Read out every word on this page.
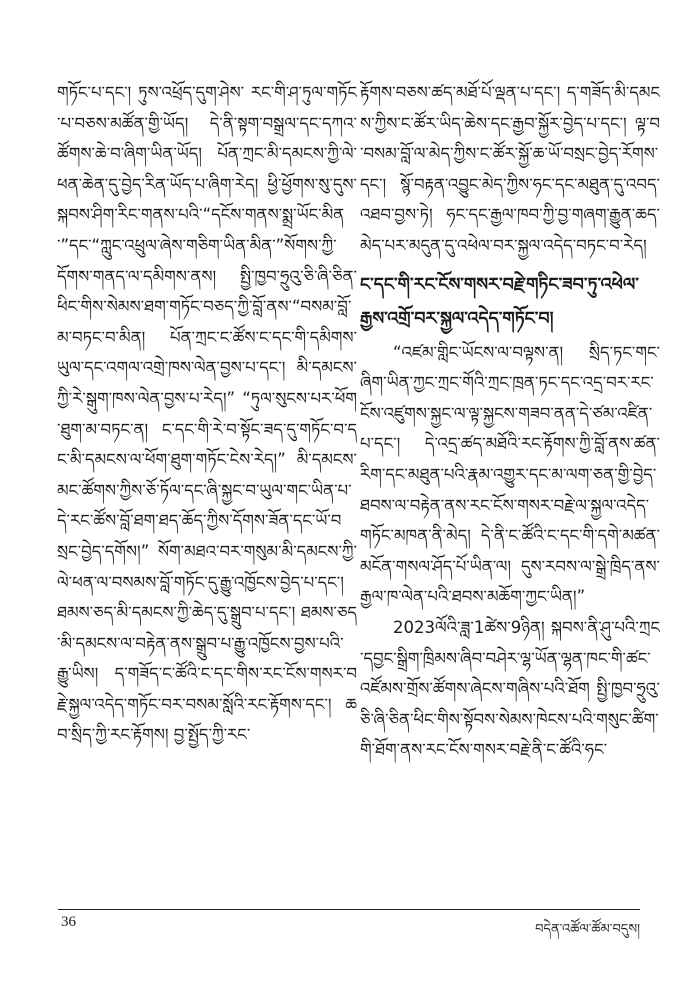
གཏོང་པ་དང་། ཏུས་འཕྲོད་དུག་ཤེས་ རང་གི་ཤ་ཏུལ་གཏོང་པ་བཅས་མཚོན་གྱི་ཡོད། དེ་ནི་སྟག་བསྒྲལ་དང་དཀའ་ཚོགས་ཆེ་བ་ཞིག་ཡིན་ཡོད། པོན་ཀྲང་མི་དམངས་ཀྱི་ལེ་ཕན་ཆེན་དུ་བྱེད་རིན་ཡོད་པ་ཞིག་རེད། ཕྱི་ཕྱོགས་སུ་དུས་སྐབས་ཤིག་རིང་གནས་པའི་“དངོས་གནས་སྨྲ་ཡོང་མིན་”དང་“ཀླུང་འཕྲུལ་ཞེས་གཅིག་ཡིན་མིན་”སོགས་ཀྱི་དོགས་གནད་ལ་དམིགས་ནས། སྤྱི་ཁྱབ་ཧྲུའུ་ཅི་ཞི་ཅིན་ཕིང་གིས་སེམས་ཐག་གཏོང་བཅད་ཀྱི་བློ་ནས་“བསམ་བློ་མ་བཏང་བ་མིན། པོན་ཀྲང་ང་ཚོས་ང་དང་གི་དམིགས་ཡུལ་དང་འགལ་འགྲེ་ཁས་ལེན་བྱས་པ་དང་། མི་དམངས་ཀྱི་རེ་སྒུག་ཁས་ལེན་བྱས་པ་རེད།” “ཏུལ་སུངས་པར་ཕོག་ཐུག་མ་བཏང་ན། ང་དང་གི་རེ་བ་སྟོང་ཟད་དུ་གཏོང་བ་དང་མི་དམངས་ལ་ཕོག་ཐུག་གཏོང་ངེས་རེད།” མི་དམངས་མང་ཚོགས་ཀྱིས་ཅོ་ཏོལ་དང་ཞི་སྐྱང་བ་ཡུལ་གང་ཡིན་པ་དེ་རང་ཚོས་བློ་ཐག་ཐད་ཆོད་ཀྱིས་དོགས་ཟོན་དང་ཡོ་བསྲང་བྱེད་དགོས།” སོག་མཐའ་བར་གསུམ་མི་དམངས་ཀྱི་ལེ་ཕན་ལ་བསམས་བློ་གཏོང་དུ་རྒྱུ་འཁྱོངས་བྱེད་པ་དང་། ཐམས་ཅད་མི་དམངས་ཀྱི་ཆེད་དུ་སྒྲུབ་པ་དང་། ཐམས་ཅད་མི་དམངས་ལ་བརྟེན་ནས་སྒྲུབ་པ་རྒྱུ་འཁྱོངས་བྱས་པའི་རྒྱུ་ཡིས། ད་གཟོད་ང་ཚོའི་ང་དང་གིས་རང་ངོས་གསར་བརྗེ་སྐྱལ་འདེད་གཏོང་བར་བསམ་སློའི་རང་རྟོགས་དང་། ཆབ་སྲིད་ཀྱི་རང་རྟོགས། བྱ་སྤྱོད་ཀྱི་རང་

རྟོགས་བཅས་ཚད་མཐོ་པོ་ལྡན་པ་དང་། ད་གཟོད་མི་དམངས་ཀྱིས་ང་ཚོར་ཡིད་ཆེས་དང་རྒྱབ་སྐྱོར་བྱེད་པ་དང་། ལྟ་བ་བསམ་བློ་ལ་མེད་ཀྱིས་ང་ཚོར་སྐྱོ་ཆ་ཡོ་བསྲང་བྱེད་རོགས་དང་། སྙོ་བརྟན་འབྱུང་མེད་ཀྱིས་ཧང་དང་མཐུན་དུ་འབད་འཐབ་བྱས་ཏེ། ཧང་དང་རྒྱལ་ཁབ་ཀྱི་བྱ་གཞག་རྒྱུན་ཆད་མེད་པར་མདུན་དུ་འཕེལ་བར་སྐྱལ་འདེད་བཏང་བ་རེད།

ང་དང་གི་རང་ངོས་གསར་བརྗེ་གཏིང་ཟབ་ཏུ་འཕེལ་རྒྱས་འགྲོ་བར་སྐྱལ་འདེད་གཏོང་བ།

“འཛམ་གླིང་ཡོངས་ལ་བལྟས་ན། སྲིད་ཏང་གང་ཞིག་ཡིན་ཀྱང་ཀྲང་གོའི་ཀྲང་ཁྲན་ཏང་དང་འདྲ་བར་རང་ངོས་འཛུགས་སྐྱང་ལ་ལྟ་སྐྱངས་གཟབ་ནན་དེ་ཙམ་འཛིན་པ་དང་། དེ་འདྲ་ཚད་མཐོའི་རང་རྟོགས་ཀྱི་བློ་ནས་ཚན་རིག་དང་མཐུན་པའི་རྣམ་འགྱུར་དང་མ་ལག་ཅན་གྱི་བྱེད་ཐབས་ལ་བརྟེན་ནས་རང་ངོས་གསར་བརྗེ་ལ་སྐྱལ་འདེད་གཏོང་མཁན་ནི་མེད། དེ་ནི་ང་ཚོའི་ང་དང་གི་དགེ་མཚན་མངོན་གསལ་ཤོད་པོ་ཡིན་ལ། དུས་རབས་ལ་སྒྲེ་ཁྲིད་ནས་རྒྱལ་ཁ་ལེན་པའི་ཐབས་མཆོག་ཀྱང་ཡིན།”

2023ལོའི་ཟླ་1ཚེས་9ཉིན། སྐབས་ནི་ཤུ་པའི་ཀྲང་དབྱང་སྒྲིག་ཁྲིམས་ཞིབ་བཤེར་ལྷ་ཡོན་ལྷན་ཁང་གི་ཚང་འཛོམས་གྲོས་ཚོགས་ཞེངས་གཞིས་པའི་ཐོག སྤྱི་ཁྱབ་ཧྲུའུ་ཅི་ཞི་ཅིན་ཕིང་གིས་སྟོབས་སེམས་ཁེངས་པའི་གསུང་ཚིག་གི་ཐོག་ནས་རང་ངོས་གསར་བརྗེ་ནི་ང་ཚོའི་ཧང་

36	བདེན་འཚོལ་ཚོམ་བདུས།
